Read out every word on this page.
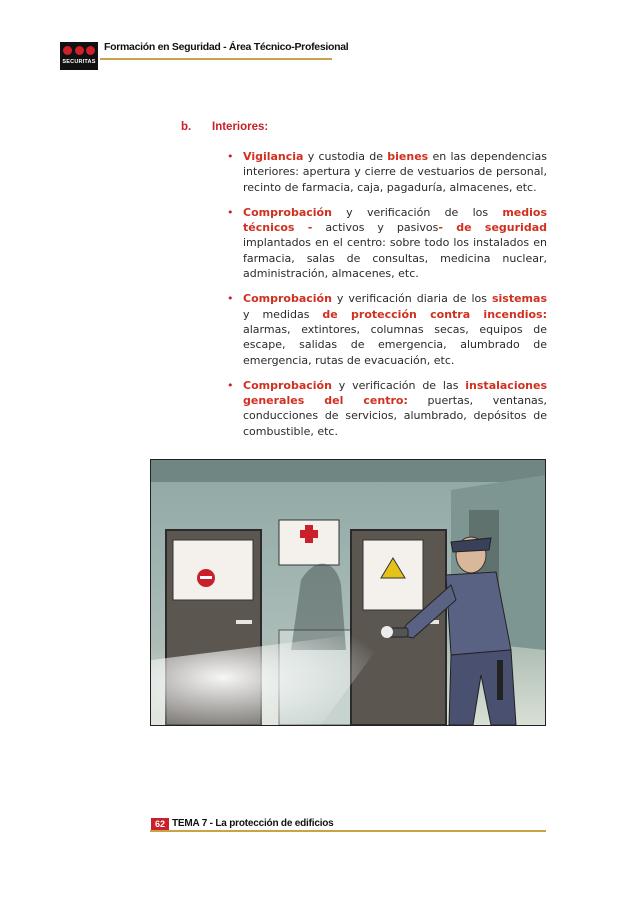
SECURITAS
Formación en Seguridad - Área Técnico-Profesional
b. Interiores:
• Vigilancia y custodia de bienes en las dependencias interiores: apertura y cierre de vestuarios de personal, recinto de farmacia, caja, pagaduría, almacenes, etc.
• Comprobación y verificación de los medios técnicos - activos y pasivos- de seguridad implantados en el centro: sobre todo los instalados en farmacia, salas de consultas, medicina nuclear, administración, almacenes, etc.
• Comprobación y verificación diaria de los sistemas y medidas de protección contra incendios: alarmas, extintores, columnas secas, equipos de escape, salidas de emergencia, alumbrado de emergencia, rutas de evacuación, etc.
• Comprobación y verificación de las instalaciones generales del centro: puertas, ventanas, conducciones de servicios, alumbrado, depósitos de combustible, etc.
62 TEMA 7 - La protección de edificios
